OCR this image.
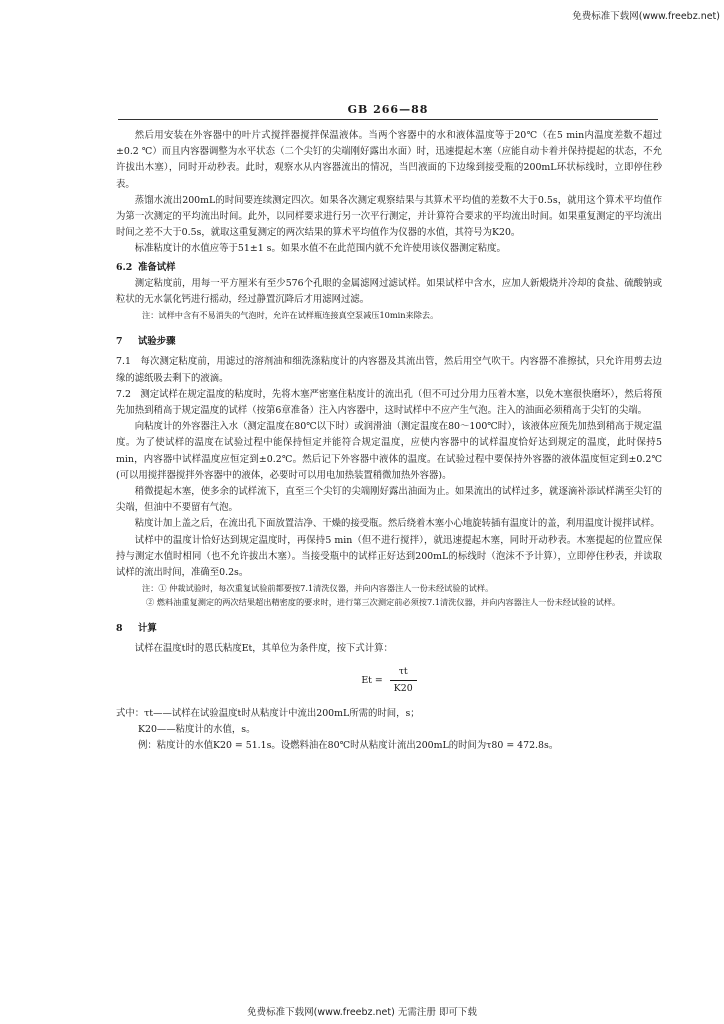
免费标准下载网(www.freebz.net)
GB 266—88

然后用安装在外容器中的叶片式搅拌器搅拌保温液体。当两个容器中的水和液体温度等于20℃（在5 min内温度差数不超过±0.2 ℃）而且内容器调整为水平状态（二个尖钉的尖端刚好露出水面）时，迅速提起木塞（应能自动卡着并保持提起的状态，不允许拔出木塞），同时开动秒表。此时，观察水从内容器流出的情况，当凹液面的下边缘到接受瓶的200mL环状标线时，立即停住秒表。

蒸馏水流出200mL的时间要连续测定四次。如果各次测定观察结果与其算术平均值的差数不大于0.5s，就用这个算术平均值作为第一次测定的平均流出时间。此外，以同样要求进行另一次平行测定，并计算符合要求的平均流出时间。如果重复测定的平均流出时间之差不大于0.5s，就取这重复测定的两次结果的算术平均值作为仪器的水值，其符号为K20。

标准粘度计的水值应等于51±1 s。如果水值不在此范围内就不允许使用该仪器测定粘度。

6.2 准备试样

测定粘度前，用每一平方厘米有至少576个孔眼的金属滤网过滤试样。如果试样中含水，应加人新煅烧并冷却的食盐、硫酸钠或粒状的无水氯化钙进行摇动，经过静置沉降后才用滤网过滤。

注：试样中含有不易消失的气泡时，允许在试样瓶连接真空泵减压10min来除去。

7 试验步骤

7.1　每次测定粘度前，用滤过的溶剂油和细洗涤粘度计的内容器及其流出管，然后用空气吹干。内容器不准擦拭，只允许用剪去边缘的滤纸吸去剩下的液滴。

7.2　测定试样在规定温度的粘度时，先将木塞严密塞住粘度计的流出孔（但不可过分用力压着木塞，以免木塞很快磨坏），然后将预先加热到稍高于规定温度的试样（按第6章准备）注入内容器中，这时试样中不应产生气泡。注入的油面必须稍高于尖钉的尖端。

向粘度计的外容器注入水（测定温度在80℃以下时）或润滑油（测定温度在80～100℃时），该液体应预先加热到稍高于规定温度。为了使试样的温度在试验过程中能保持恒定并能符合规定温度，应使内容器中的试样温度恰好达到规定的温度，此时保持5 min，内容器中试样温度应恒定到±0.2℃。然后记下外容器中液体的温度。在试验过程中要保持外容器的液体温度恒定到±0.2℃(可以用搅拌器搅拌外容器中的液体，必要时可以用电加热装置稍微加热外容器)。

稍微提起木塞，使多余的试样流下，直至三个尖钉的尖端刚好露出油面为止。如果流出的试样过多，就逐滴补添试样满至尖钉的尖端，但油中不要留有气泡。

粘度计加上盖之后，在流出孔下面放置洁净、干燥的接受瓶。然后绕着木塞小心地旋转插有温度计的盖，利用温度计搅拌试样。

试样中的温度计恰好达到规定温度时，再保持5 min（但不进行搅拌），就迅速提起木塞，同时开动秒表。木塞提起的位置应保持与测定水值时相同（也不允许拔出木塞）。当接受瓶中的试样正好达到200mL的标线时（泡沫不予计算），立即停住秒表，并读取试样的流出时间，准确至0.2s。

注：① 仲裁试验时，每次重复试验前都要按7.1清洗仪器，并向内容器注人一份未经试验的试样。

② 燃料油重复测定的两次结果超出精密度的要求时，进行第三次测定前必须按7.1清洗仪器，并向内容器注人一份未经试验的试样。

8 计算

试样在温度t时的恩氏粘度Et，其单位为条件度，按下式计算：

$Et = \frac{\tau t}{K20}$

式中：τt——试样在试验温度t时从粘度计中流出200mL所需的时间，s；

K20——粘度计的水值，s。

例：粘度计的水值K20 = 51.1s。设燃料油在80℃时从粘度计流出200mL的时间为τ80 = 472.8s。

免费标准下载网(www.freebz.net) 无需注册 即可下载
